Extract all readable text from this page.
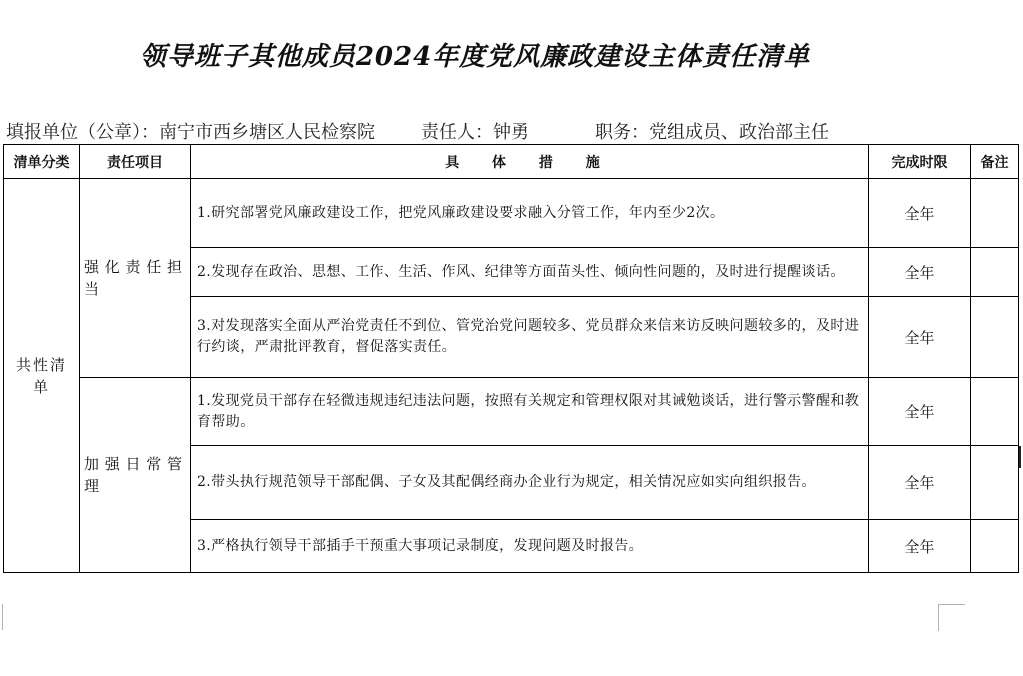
领导班子其他成员2024年度党风廉政建设主体责任清单
填报单位（公章）：南宁市西乡塘区人民检察院	责任人：钟勇	职务：党组成员、政治部主任
清单分类	责任项目	具 体 措 施	完成时限	备注
共性清单	强化责任担当	1.研究部署党风廉政建设工作，把党风廉政建设要求融入分管工作，年内至少2次。	全年	
		2.发现存在政治、思想、工作、生活、作风、纪律等方面苗头性、倾向性问题的，及时进行提醒谈话。	全年	
		3.对发现落实全面从严治党责任不到位、管党治党问题较多、党员群众来信来访反映问题较多的，及时进行约谈，严肃批评教育，督促落实责任。	全年	
	加强日常管理	1.发现党员干部存在轻微违规违纪违法问题，按照有关规定和管理权限对其诫勉谈话，进行警示警醒和教育帮助。	全年	
		2.带头执行规范领导干部配偶、子女及其配偶经商办企业行为规定，相关情况应如实向组织报告。	全年	
		3.严格执行领导干部插手干预重大事项记录制度，发现问题及时报告。	全年	
